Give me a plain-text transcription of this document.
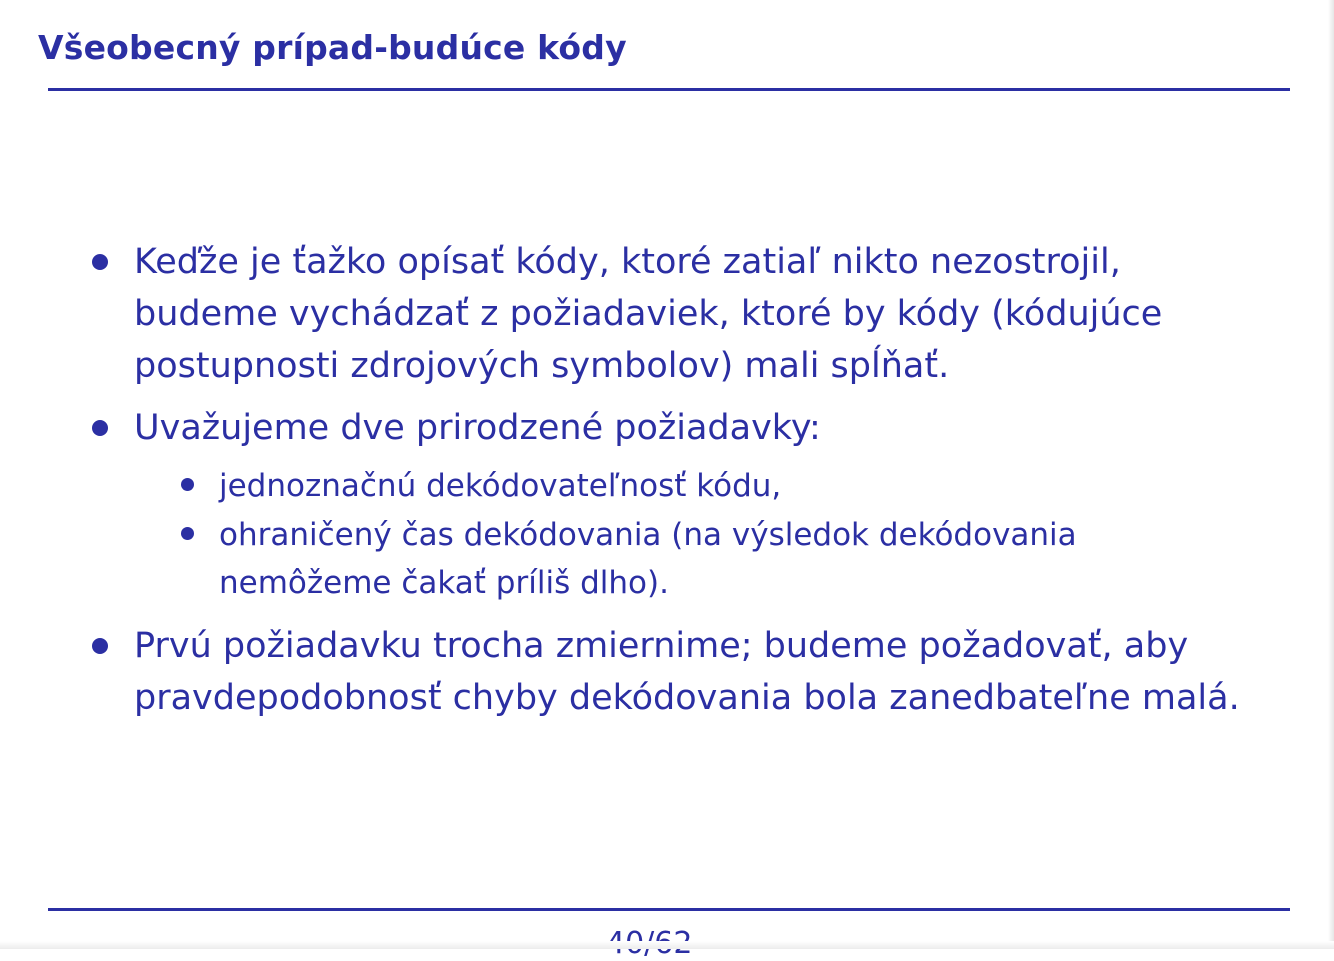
Všeobecný prípad-budúce kódy
Keďže je ťažko opísať kódy, ktoré zatiaľ nikto nezostrojil,
budeme vychádzať z požiadaviek, ktoré by kódy (kódujúce
postupnosti zdrojových symbolov) mali spĺňať.
Uvažujeme dve prirodzené požiadavky:
jednoznačnú dekódovateľnosť kódu,
ohraničený čas dekódovania (na výsledok dekódovania
nemôžeme čakať príliš dlho).
Prvú požiadavku trocha zmiernime; budeme požadovať, aby
pravdepodobnosť chyby dekódovania bola zanedbateľne malá.
